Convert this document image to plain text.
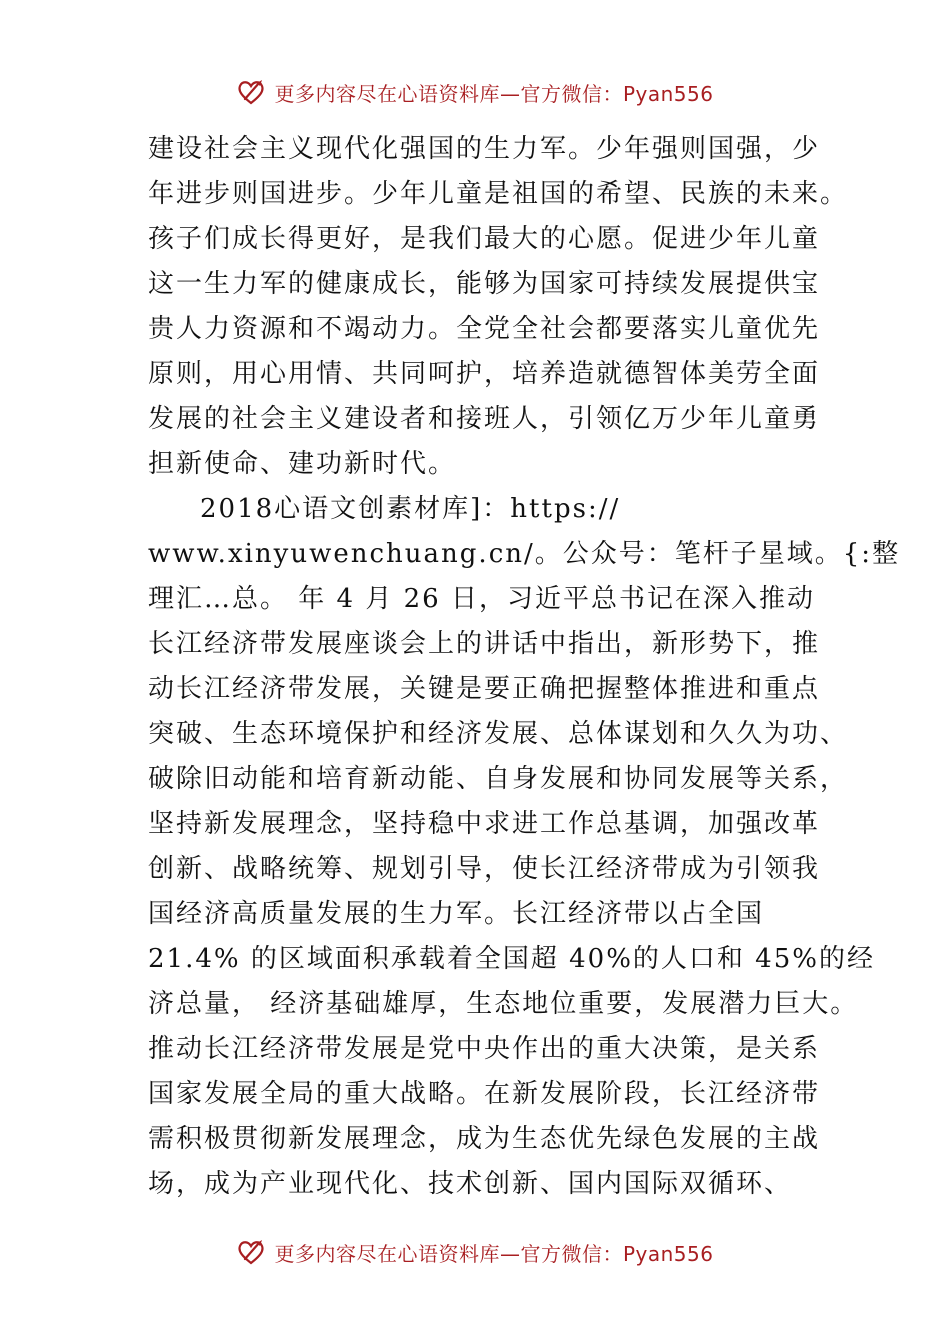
更多内容尽在心语资料库—官方微信：Pyan556
建设社会主义现代化强国的生力军。少年强则国强，少
年进步则国进步。少年儿童是祖国的希望、民族的未来。
孩子们成长得更好，是我们最大的心愿。促进少年儿童
这一生力军的健康成长，能够为国家可持续发展提供宝
贵人力资源和不竭动力。全党全社会都要落实儿童优先
原则，用心用情、共同呵护，培养造就德智体美劳全面
发展的社会主义建设者和接班人，引领亿万少年儿童勇
担新使命、建功新时代。
2018心语文创素材库]：https://
www.xinyuwenchuang.cn/。公众号：笔杆子星域。{:整
理汇…总。 年 4 月 26 日，习近平总书记在深入推动
长江经济带发展座谈会上的讲话中指出，新形势下，推
动长江经济带发展，关键是要正确把握整体推进和重点
突破、生态环境保护和经济发展、总体谋划和久久为功、
破除旧动能和培育新动能、自身发展和协同发展等关系，
坚持新发展理念，坚持稳中求进工作总基调，加强改革
创新、战略统筹、规划引导，使长江经济带成为引领我
国经济高质量发展的生力军。长江经济带以占全国
21.4% 的区域面积承载着全国超 40%的人口和 45%的经
济总量， 经济基础雄厚，生态地位重要，发展潜力巨大。
推动长江经济带发展是党中央作出的重大决策，是关系
国家发展全局的重大战略。在新发展阶段，长江经济带
需积极贯彻新发展理念，成为生态优先绿色发展的主战
场，成为产业现代化、技术创新、国内国际双循环、
更多内容尽在心语资料库—官方微信：Pyan556
